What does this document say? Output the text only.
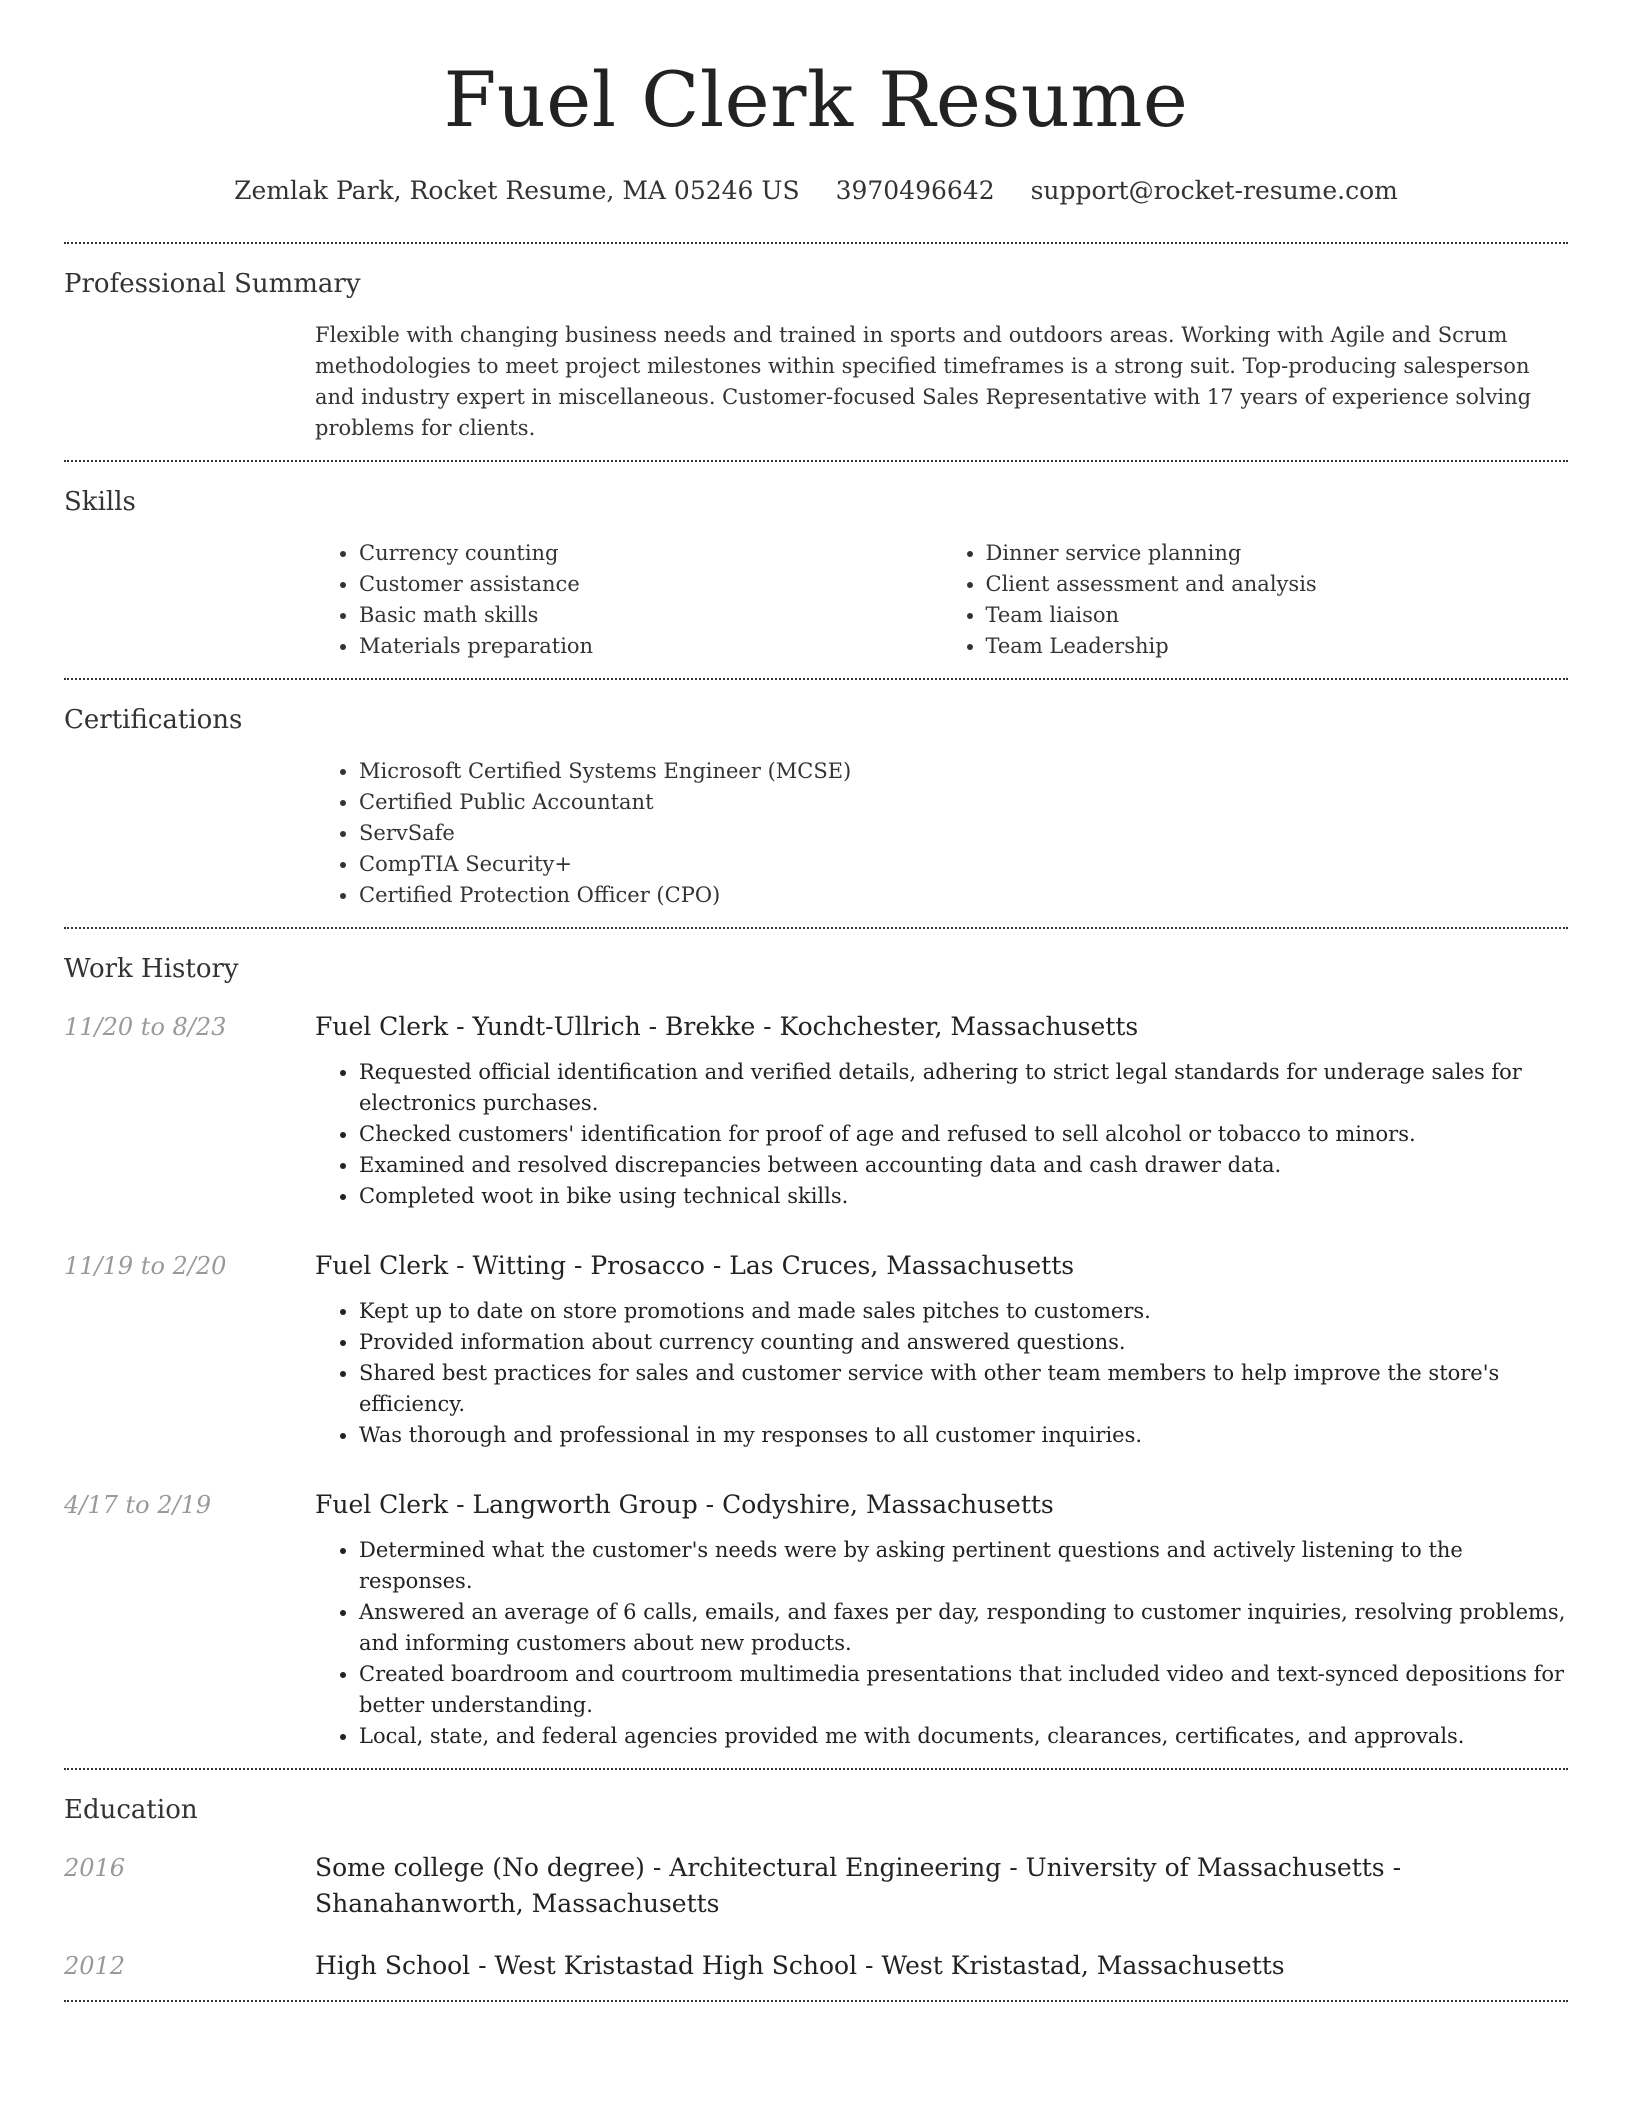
Fuel Clerk Resume
Zemlak Park, Rocket Resume, MA 05246 US 3970496642 support@rocket-resume.com
Professional Summary

Flexible with changing business needs and trained in sports and outdoors areas. Working with Agile and Scrum methodologies to meet project milestones within specified timeframes is a strong suit. Top-producing salesperson and industry expert in miscellaneous. Customer-focused Sales Representative with 17 years of experience solving problems for clients.

Skills
• Currency counting
• Customer assistance
• Basic math skills
• Materials preparation
• Dinner service planning
• Client assessment and analysis
• Team liaison
• Team Leadership
Certifications
• Microsoft Certified Systems Engineer (MCSE)
• Certified Public Accountant
• ServSafe
• CompTIA Security+
• Certified Protection Officer (CPO)
Work History
11/20 to 8/23	Fuel Clerk - Yundt-Ullrich - Brekke - Kochchester, Massachusetts
• Requested official identification and verified details, adhering to strict legal standards for underage sales for electronics purchases.
• Checked customers' identification for proof of age and refused to sell alcohol or tobacco to minors.
• Examined and resolved discrepancies between accounting data and cash drawer data.
• Completed woot in bike using technical skills.
11/19 to 2/20	Fuel Clerk - Witting - Prosacco - Las Cruces, Massachusetts
• Kept up to date on store promotions and made sales pitches to customers.
• Provided information about currency counting and answered questions.
• Shared best practices for sales and customer service with other team members to help improve the store's efficiency.
• Was thorough and professional in my responses to all customer inquiries.
4/17 to 2/19	Fuel Clerk - Langworth Group - Codyshire, Massachusetts
• Determined what the customer's needs were by asking pertinent questions and actively listening to the responses.
• Answered an average of 6 calls, emails, and faxes per day, responding to customer inquiries, resolving problems, and informing customers about new products.
• Created boardroom and courtroom multimedia presentations that included video and text-synced depositions for better understanding.
• Local, state, and federal agencies provided me with documents, clearances, certificates, and approvals.
Education
2016	Some college (No degree) - Architectural Engineering - University of Massachusetts - Shanahanworth, Massachusetts
2012	High School - West Kristastad High School - West Kristastad, Massachusetts
